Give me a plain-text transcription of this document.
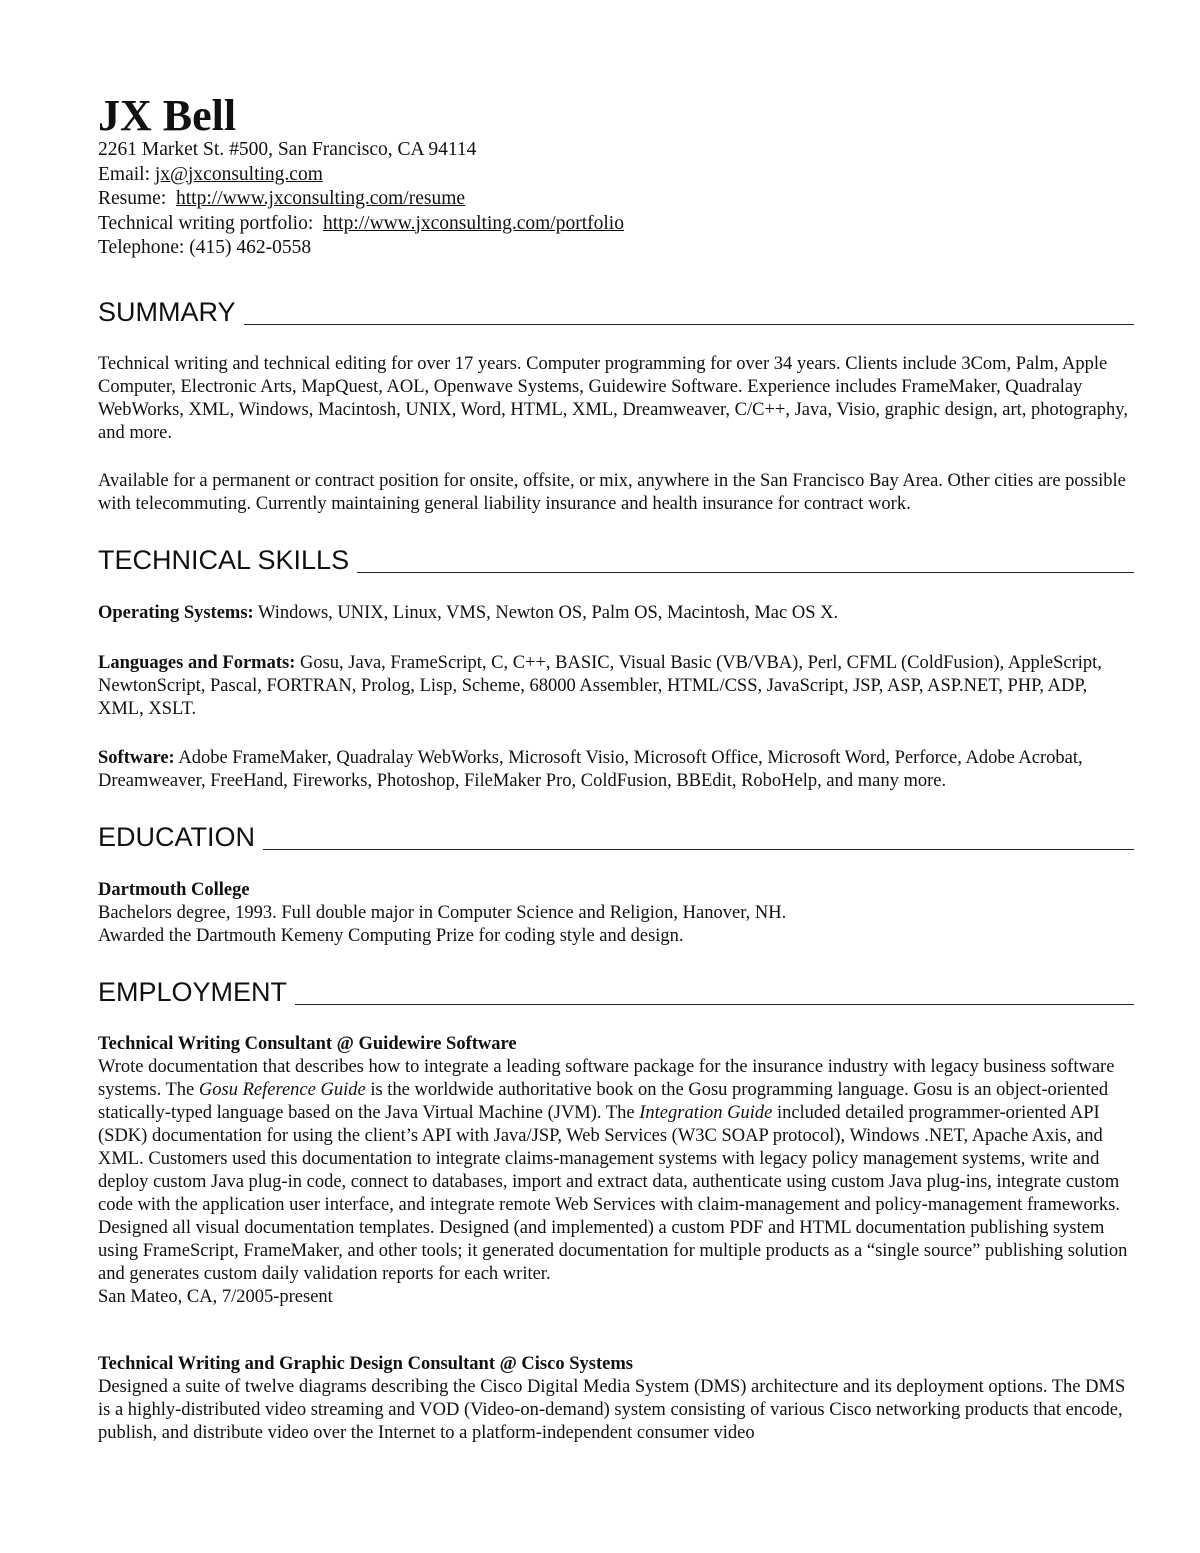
JX Bell
2261 Market St. #500, San Francisco, CA 94114
Email: jx@jxconsulting.com
Resume: http://www.jxconsulting.com/resume
Technical writing portfolio: http://www.jxconsulting.com/portfolio
Telephone: (415) 462-0558
SUMMARY
Technical writing and technical editing for over 17 years. Computer programming for over 34 years. Clients include 3Com, Palm, Apple Computer, Electronic Arts, MapQuest, AOL, Openwave Systems, Guidewire Software. Experience includes FrameMaker, Quadralay WebWorks, XML, Windows, Macintosh, UNIX, Word, HTML, XML, Dreamweaver, C/C++, Java, Visio, graphic design, art, photography, and more.
Available for a permanent or contract position for onsite, offsite, or mix, anywhere in the San Francisco Bay Area. Other cities are possible with telecommuting. Currently maintaining general liability insurance and health insurance for contract work.
TECHNICAL SKILLS
Operating Systems: Windows, UNIX, Linux, VMS, Newton OS, Palm OS, Macintosh, Mac OS X.
Languages and Formats: Gosu, Java, FrameScript, C, C++, BASIC, Visual Basic (VB/VBA), Perl, CFML (ColdFusion), AppleScript, NewtonScript, Pascal, FORTRAN, Prolog, Lisp, Scheme, 68000 Assembler, HTML/CSS, JavaScript, JSP, ASP, ASP.NET, PHP, ADP, XML, XSLT.
Software: Adobe FrameMaker, Quadralay WebWorks, Microsoft Visio, Microsoft Office, Microsoft Word, Perforce, Adobe Acrobat, Dreamweaver, FreeHand, Fireworks, Photoshop, FileMaker Pro, ColdFusion, BBEdit, RoboHelp, and many more.
EDUCATION
Dartmouth College
Bachelors degree, 1993. Full double major in Computer Science and Religion, Hanover, NH.
Awarded the Dartmouth Kemeny Computing Prize for coding style and design.
EMPLOYMENT
Technical Writing Consultant @ Guidewire Software
Wrote documentation that describes how to integrate a leading software package for the insurance industry with legacy business software systems. The Gosu Reference Guide is the worldwide authoritative book on the Gosu programming language. Gosu is an object-oriented statically-typed language based on the Java Virtual Machine (JVM). The Integration Guide included detailed programmer-oriented API (SDK) documentation for using the client’s API with Java/JSP, Web Services (W3C SOAP protocol), Windows .NET, Apache Axis, and XML. Customers used this documentation to integrate claims-management systems with legacy policy management systems, write and deploy custom Java plug-in code, connect to databases, import and extract data, authenticate using custom Java plug-ins, integrate custom code with the application user interface, and integrate remote Web Services with claim-management and policy-management frameworks. Designed all visual documentation templates. Designed (and implemented) a custom PDF and HTML documentation publishing system using FrameScript, FrameMaker, and other tools; it generated documentation for multiple products as a “single source” publishing solution and generates custom daily validation reports for each writer.
San Mateo, CA, 7/2005-present
Technical Writing and Graphic Design Consultant @ Cisco Systems
Designed a suite of twelve diagrams describing the Cisco Digital Media System (DMS) architecture and its deployment options. The DMS is a highly-distributed video streaming and VOD (Video-on-demand) system consisting of various Cisco networking products that encode, publish, and distribute video over the Internet to a platform-independent consumer video
